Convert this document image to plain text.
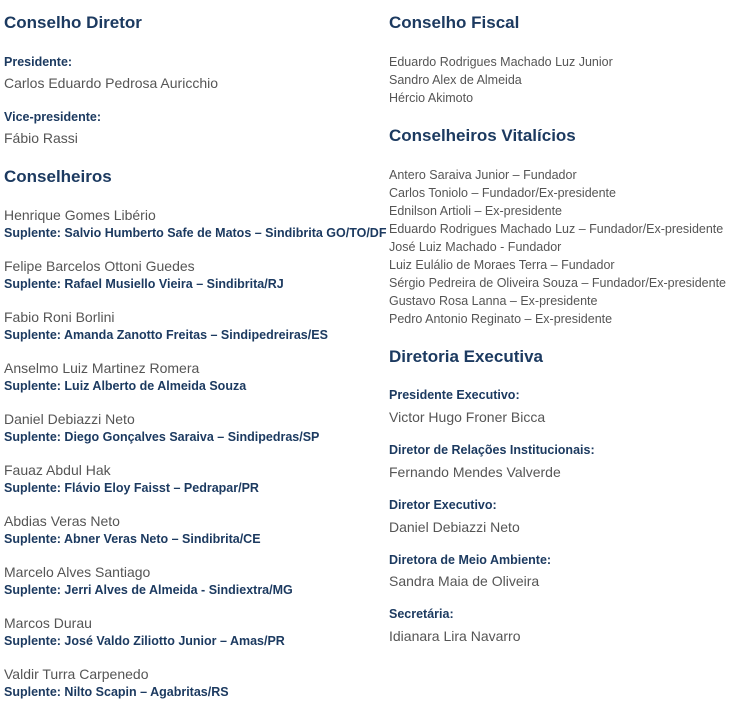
Conselho Diretor
Presidente:
Carlos Eduardo Pedrosa Auricchio
Vice-presidente:
Fábio Rassi
Conselheiros
Henrique Gomes Libério
Suplente: Salvio Humberto Safe de Matos – Sindibrita GO/TO/DF
Felipe Barcelos Ottoni Guedes
Suplente: Rafael Musiello Vieira – Sindibrita/RJ
Fabio Roni Borlini
Suplente: Amanda Zanotto Freitas – Sindipedreiras/ES
Anselmo Luiz Martinez Romera
Suplente: Luiz Alberto de Almeida Souza
Daniel Debiazzi Neto
Suplente: Diego Gonçalves Saraiva – Sindipedras/SP
Fauaz Abdul Hak
Suplente: Flávio Eloy Faisst – Pedrapar/PR
Abdias Veras Neto
Suplente: Abner Veras Neto – Sindibrita/CE
Marcelo Alves Santiago
Suplente: Jerri Alves de Almeida - Sindiextra/MG
Marcos Durau
Suplente: José Valdo Ziliotto Junior – Amas/PR
Valdir Turra Carpenedo
Suplente: Nilto Scapin – Agabritas/RS
Conselho Fiscal
Eduardo Rodrigues Machado Luz Junior
Sandro Alex de Almeida
Hércio Akimoto
Conselheiros Vitalícios
Antero Saraiva Junior – Fundador
Carlos Toniolo – Fundador/Ex-presidente
Ednilson Artioli – Ex-presidente
Eduardo Rodrigues Machado Luz – Fundador/Ex-presidente
José Luiz Machado - Fundador
Luiz Eulálio de Moraes Terra – Fundador
Sérgio Pedreira de Oliveira Souza – Fundador/Ex-presidente
Gustavo Rosa Lanna – Ex-presidente
Pedro Antonio Reginato – Ex-presidente
Diretoria Executiva
Presidente Executivo:
Victor Hugo Froner Bicca
Diretor de Relações Institucionais:
Fernando Mendes Valverde
Diretor Executivo:
Daniel Debiazzi Neto
Diretora de Meio Ambiente:
Sandra Maia de Oliveira
Secretária:
Idianara Lira Navarro
